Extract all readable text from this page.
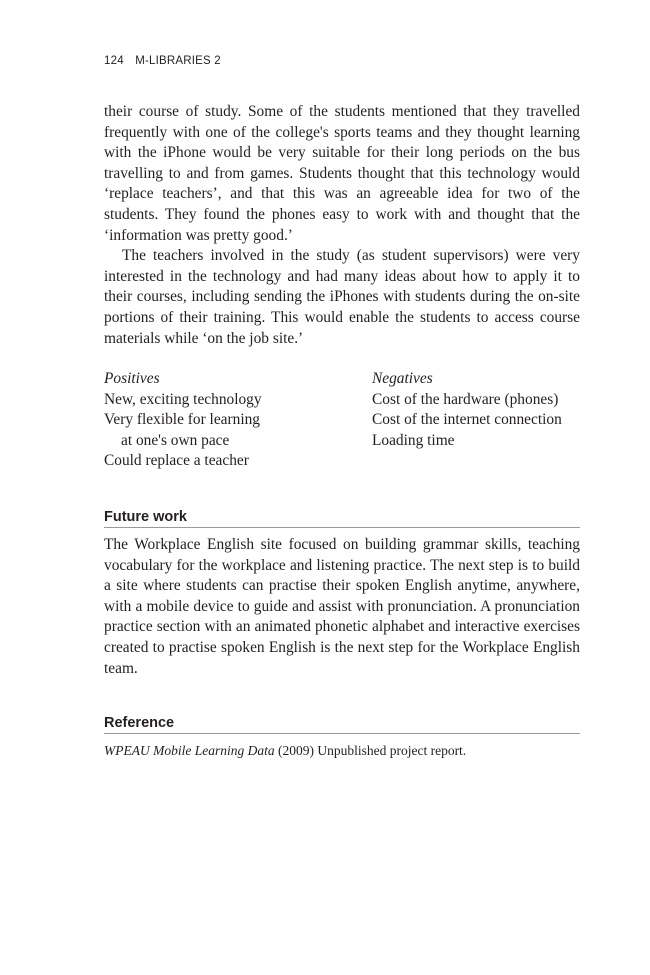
124 M-LIBRARIES 2

their course of study. Some of the students mentioned that they travelled frequently with one of the college's sports teams and they thought learning with the iPhone would be very suitable for their long periods on the bus travelling to and from games. Students thought that this technology would ‘replace teachers’, and that this was an agreeable idea for two of the students. They found the phones easy to work with and thought that the ‘information was pretty good.’

The teachers involved in the study (as student supervisors) were very interested in the technology and had many ideas about how to apply it to their courses, including sending the iPhones with students during the on-site portions of their training. This would enable the students to access course materials while ‘on the job site.’

Positives
New, exciting technology
Very flexible for learning
at one's own pace
Could replace a teacher
Negatives
Cost of the hardware (phones)
Cost of the internet connection
Loading time
Future work

The Workplace English site focused on building grammar skills, teaching vocabulary for the workplace and listening practice. The next step is to build a site where students can practise their spoken English anytime, anywhere, with a mobile device to guide and assist with pronunciation. A pronunciation practice section with an animated phonetic alphabet and interactive exercises created to practise spoken English is the next step for the Workplace English team.

Reference
WPEAU Mobile Learning Data (2009) Unpublished project report.
